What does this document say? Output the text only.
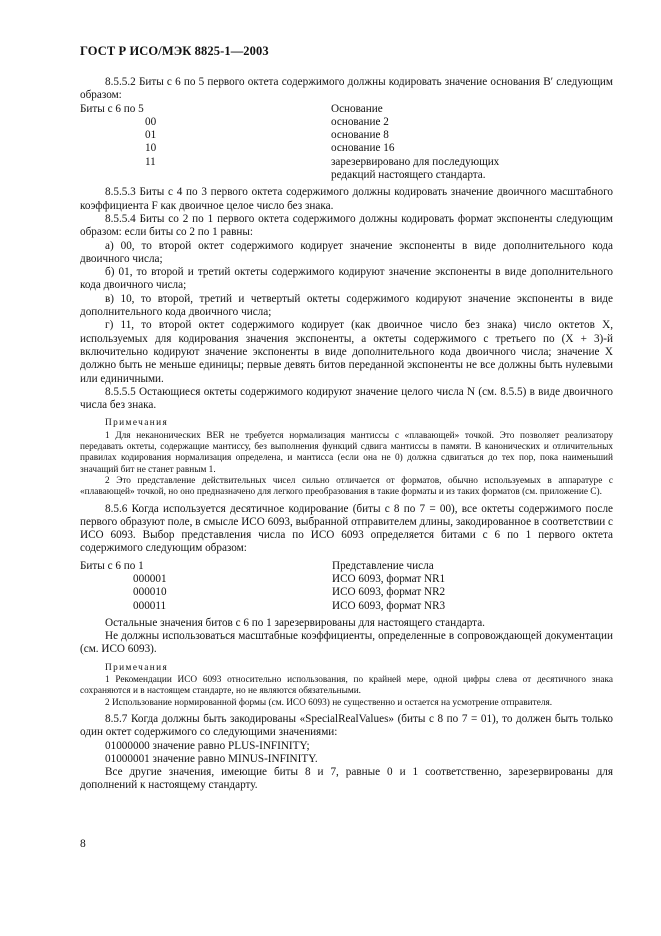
ГОСТ Р ИСО/МЭК 8825-1—2003

8.5.5.2 Биты с 6 по 5 первого октета содержимого должны кодировать значение основания B′ следующим образом:

Биты с 6 по 5	Основание
00	основание 2
01	основание 8
10	основание 16
11	зарезервировано для последующих
редакций настоящего стандарта.

8.5.5.3 Биты с 4 по 3 первого октета содержимого должны кодировать значение двоичного масштабного коэффициента F как двоичное целое число без знака.

8.5.5.4 Биты со 2 по 1 первого октета содержимого должны кодировать формат экспоненты следующим образом: если биты со 2 по 1 равны:

а) 00, то второй октет содержимого кодирует значение экспоненты в виде дополнительного кода двоичного числа;

б) 01, то второй и третий октеты содержимого кодируют значение экспоненты в виде дополнительного кода двоичного числа;

в) 10, то второй, третий и четвертый октеты содержимого кодируют значение экспоненты в виде дополнительного кода двоичного числа;

г) 11, то второй октет содержимого кодирует (как двоичное число без знака) число октетов X, используемых для кодирования значения экспоненты, а октеты содержимого с третьего по (X + 3)-й включительно кодируют значение экспоненты в виде дополнительного кода двоичного числа; значение X должно быть не меньше единицы; первые девять битов переданной экспоненты не все должны быть нулевыми или единичными.

8.5.5.5 Остающиеся октеты содержимого кодируют значение целого числа N (см. 8.5.5) в виде двоичного числа без знака.

Примечания

1 Для неканонических BER не требуется нормализация мантиссы с «плавающей» точкой. Это позволяет реализатору передавать октеты, содержащие мантиссу, без выполнения функций сдвига мантиссы в памяти. В канонических и отличительных правилах кодирования нормализация определена, и мантисса (если она не 0) должна сдвигаться до тех пор, пока наименьший значащий бит не станет равным 1.

2 Это представление действительных чисел сильно отличается от форматов, обычно используемых в аппаратуре с «плавающей» точкой, но оно предназначено для легкого преобразования в такие форматы и из таких форматов (см. приложение С).

8.5.6 Когда используется десятичное кодирование (биты с 8 по 7 = 00), все октеты содержимого после первого образуют поле, в смысле ИСО 6093, выбранной отправителем длины, закодированное в соответствии с ИСО 6093. Выбор представления числа по ИСО 6093 определяется битами с 6 по 1 первого октета содержимого следующим образом:

Биты с 6 по 1	Представление числа
000001	ИСО 6093, формат NR1
000010	ИСО 6093, формат NR2
000011	ИСО 6093, формат NR3

Остальные значения битов с 6 по 1 зарезервированы для настоящего стандарта.

Не должны использоваться масштабные коэффициенты, определенные в сопровождающей документации (см. ИСО 6093).

Примечания

1 Рекомендации ИСО 6093 относительно использования, по крайней мере, одной цифры слева от десятичного знака сохраняются и в настоящем стандарте, но не являются обязательными.

2 Использование нормированной формы (см. ИСО 6093) не существенно и остается на усмотрение отправителя.

8.5.7 Когда должны быть закодированы «SpecialRealValues» (биты с 8 по 7 = 01), то должен быть только один октет содержимого со следующими значениями:

01000000 значение равно PLUS-INFINITY;

01000001 значение равно MINUS-INFINITY.

Все другие значения, имеющие биты 8 и 7, равные 0 и 1 соответственно, зарезервированы для дополнений к настоящему стандарту.

8
